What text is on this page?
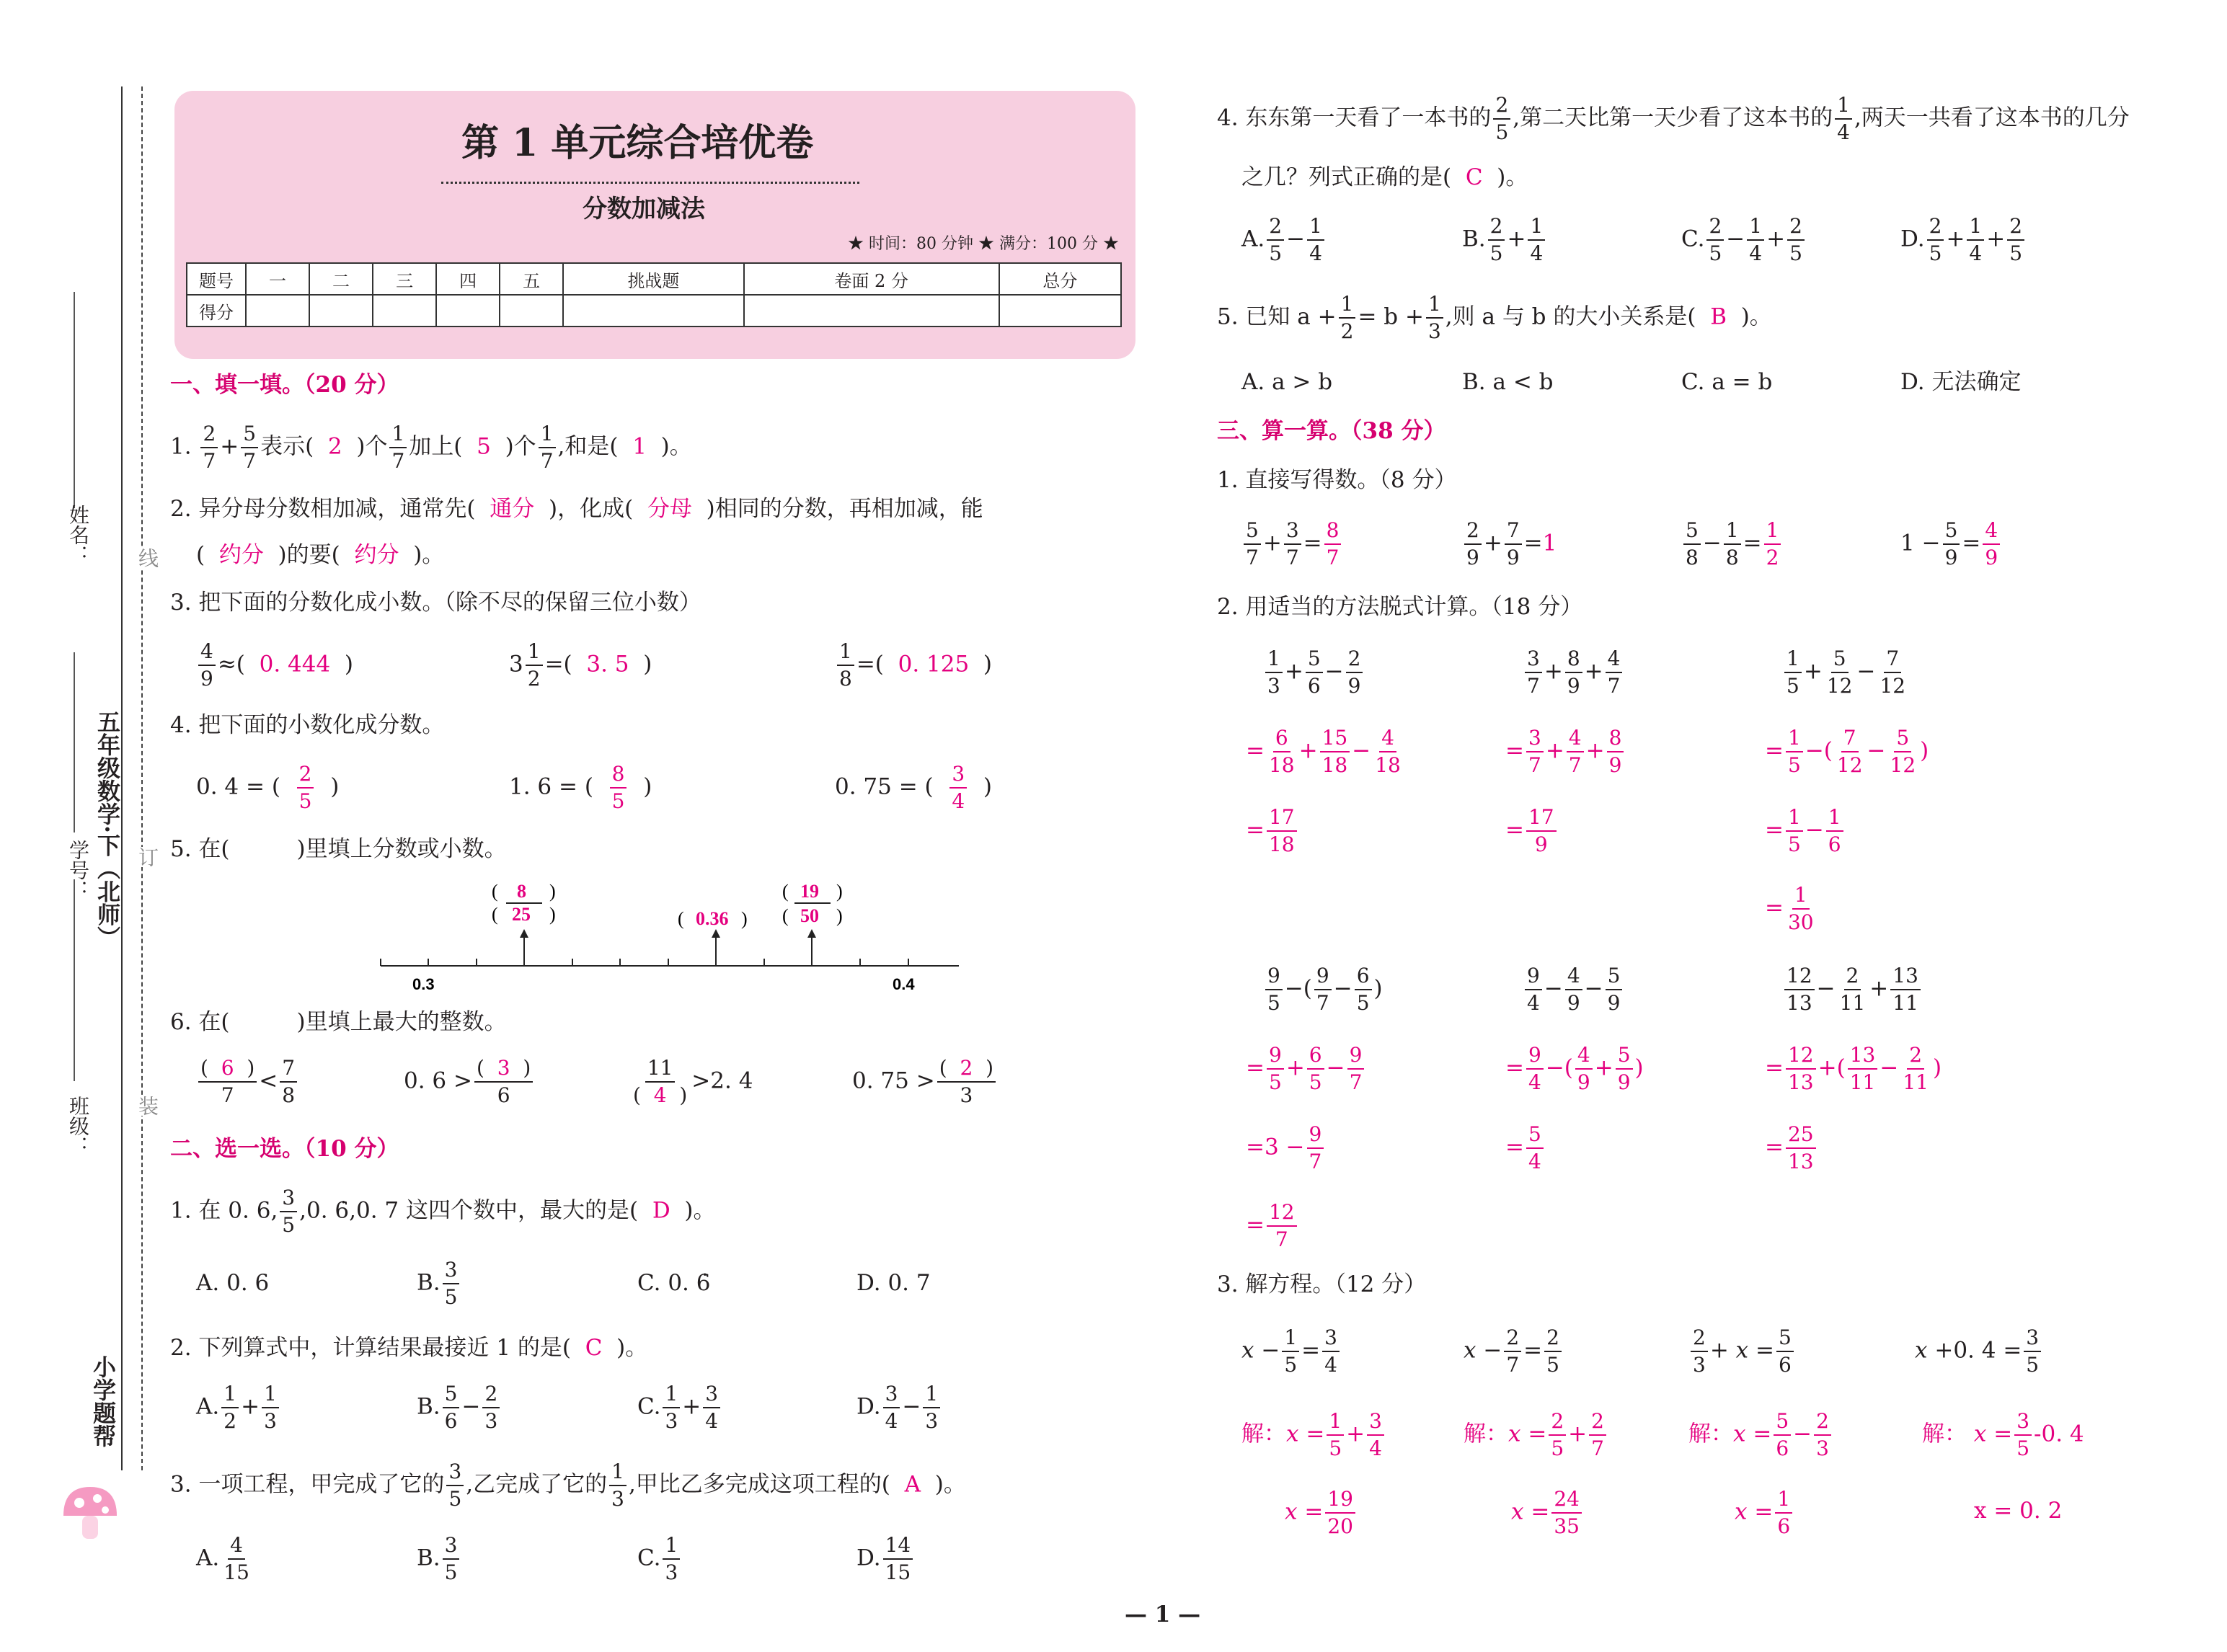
姓名：
学号：
班级：
五年级数学·下（北师）
线
订
装
小学题帮
第 1 单元综合培优卷
分数加减法
★ 时间：80 分钟 ★ 满分：100 分 ★
题号	一	二	三	四	五	挑战题	卷面 2 分	总分
得分								
一、填一填。（20 分）
1. $\frac{2}{7} + \frac{5}{7}$ 表示( 2 )个 $\frac{1}{7}$ 加上( 5 )个 $\frac{1}{7}$ ,和是( 1 )。
2. 异分母分数相加减，通常先( 通分 )，化成( 分母 )相同的分数，再相加减，能
( 约分 )的要( 约分 )。
3. 把下面的分数化成小数。（除不尽的保留三位小数）
$\frac{4}{9}$ ≈(  0. 444  )	$3 \frac{1}{2}$ =(  3. 5  )	$\frac{1}{8}$ =(  0. 125  )
4. 把下面的小数化成分数。
0. 4 = ( $\frac{2}{5}$ )	1. 6 = ( $\frac{8}{5}$ )	0. 75 = ( $\frac{3}{4}$ )
5. 在(　　　)里填上分数或小数。
0.3	0.4
(	)
8
(	)
25	(	)
0.36
(	)
19
(	)
50
6. 在(　　　)里填上最大的整数。
$\frac{( 6 )}{7} < \frac{7}{8}$	0. $6 > \frac{( 3 )}{6}$	$\frac{11}{( 4 )} >2$. 4	0. $75 > \frac{( 2 )}{3}$
二、选一选。（10 分）
1. 在 0. 6, $\frac{3}{5} ,0$. 6̇,0. 7 这四个数中，最大的是( D )。
A. 0. 6	B. $\frac{3}{5}$	C. 0. 6̇	D. 0. 7
2. 下列算式中，计算结果最接近 1 的是( C )。
A. $\frac{1}{2} + \frac{1}{3}$	B. $\frac{5}{6} - \frac{2}{3}$	C. $\frac{1}{3} + \frac{3}{4}$	D. $\frac{3}{4} - \frac{1}{3}$
3. 一项工程，甲完成了它的 $\frac{3}{5}$ ,乙完成了它的 $\frac{1}{3}$ ,甲比乙多完成这项工程的( A )。
A. $\frac{4}{15}$	B. $\frac{3}{5}$	C. $\frac{1}{3}$	D. $\frac{14}{15}$
4. 东东第一天看了一本书的 $\frac{2}{5}$ ,第二天比第一天少看了这本书的 $\frac{1}{4}$ ,两天一共看了这本书的几分
之几？列式正确的是( C )。
A. $\frac{2}{5} - \frac{1}{4}$	B. $\frac{2}{5} + \frac{1}{4}$	C. $\frac{2}{5} - \frac{1}{4} + \frac{2}{5}$	D. $\frac{2}{5} + \frac{1}{4} + \frac{2}{5}$
5. 已知 $a + \frac{1}{2} = b + \frac{1}{3}$ ,则 a 与 b 的大小关系是( B )。
A. a > b	B. a < b	C. a = b	D. 无法确定
三、算一算。（38 分）
1. 直接写得数。（8 分）
$\frac{5}{7} + \frac{3}{7} = \frac{8}{7}$	$\frac{2}{9} + \frac{7}{9} =1$	$\frac{5}{8} - \frac{1}{8} = \frac{1}{2}$	$1 - \frac{5}{9} = \frac{4}{9}$
2. 用适当的方法脱式计算。（18 分）
$\frac{1}{3} + \frac{5}{6} - \frac{2}{9}$
= $\frac{6}{18} + \frac{15}{18} - \frac{4}{18}$
= $\frac{17}{18}$
$\frac{3}{7} + \frac{8}{9} + \frac{4}{7}$
= $\frac{3}{7} + \frac{4}{7} + \frac{8}{9}$
= $\frac{17}{9}$
$\frac{1}{5} + \frac{5}{12} - \frac{7}{12}$
= $\frac{1}{5}$ −( $\frac{7}{12} - \frac{5}{12}$ )
= $\frac{1}{5} - \frac{1}{6}$
= $\frac{1}{30}$
$\frac{9}{5}$ −( $\frac{9}{7} - \frac{6}{5}$ )
= $\frac{9}{5} + \frac{6}{5} - \frac{9}{7}$
$=3 - \frac{9}{7}$
= $\frac{12}{7}$
$\frac{9}{4} - \frac{4}{9} - \frac{5}{9}$
= $\frac{9}{4}$ −( $\frac{4}{9} + \frac{5}{9}$ )
= $\frac{5}{4}$
$\frac{12}{13} - \frac{2}{11} + \frac{13}{11}$
= $\frac{12}{13}$ +( $\frac{13}{11} - \frac{2}{11}$ )
= $\frac{25}{13}$
3. 解方程。（12 分）
$x - \frac{1}{5} = \frac{3}{4}$
解：$x = \frac{1}{5} + \frac{3}{4}$
$x = \frac{19}{20}$
$x - \frac{2}{7} = \frac{2}{5}$
解：$x = \frac{2}{5} + \frac{2}{7}$
$x = \frac{24}{35}$
$\frac{2}{3} + x = \frac{5}{6}$
解：$x = \frac{5}{6} - \frac{2}{3}$
$x = \frac{1}{6}$
x +0. $4 = \frac{3}{5}$
解： $x = \frac{3}{5} -0$. 4
x = 0. 2
— 1 —
